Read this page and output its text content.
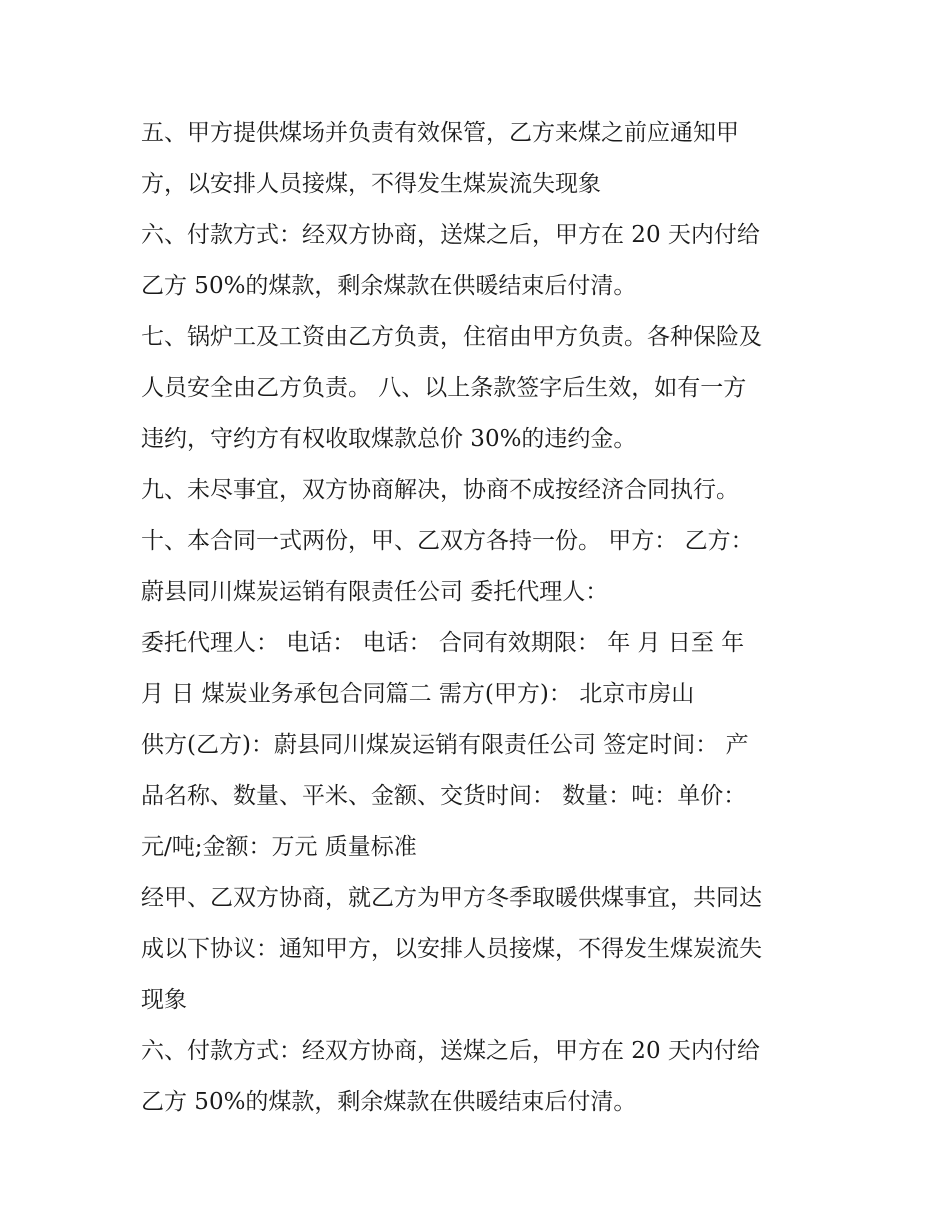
五、甲方提供煤场并负责有效保管，乙方来煤之前应通知甲
方，以安排人员接煤，不得发生煤炭流失现象
六、付款方式：经双方协商，送煤之后，甲方在 20 天内付给
乙方 50%的煤款，剩余煤款在供暖结束后付清。
七、锅炉工及工资由乙方负责，住宿由甲方负责。各种保险及
人员安全由乙方负责。 八、以上条款签字后生效，如有一方
违约，守约方有权收取煤款总价 30%的违约金。
九、未尽事宜，双方协商解决，协商不成按经济合同执行。
十、本合同一式两份，甲、乙双方各持一份。 甲方： 乙方：
蔚县同川煤炭运销有限责任公司 委托代理人：
委托代理人： 电话： 电话： 合同有效期限： 年 月 日至 年
月 日 煤炭业务承包合同篇二 需方(甲方)： 北京市房山
供方(乙方)：蔚县同川煤炭运销有限责任公司 签定时间： 产
品名称、数量、平米、金额、交货时间： 数量：吨：单价：
元/吨;金额：万元 质量标准
经甲、乙双方协商，就乙方为甲方冬季取暖供煤事宜，共同达
成以下协议：通知甲方，以安排人员接煤，不得发生煤炭流失
现象
六、付款方式：经双方协商，送煤之后，甲方在 20 天内付给
乙方 50%的煤款，剩余煤款在供暖结束后付清。
